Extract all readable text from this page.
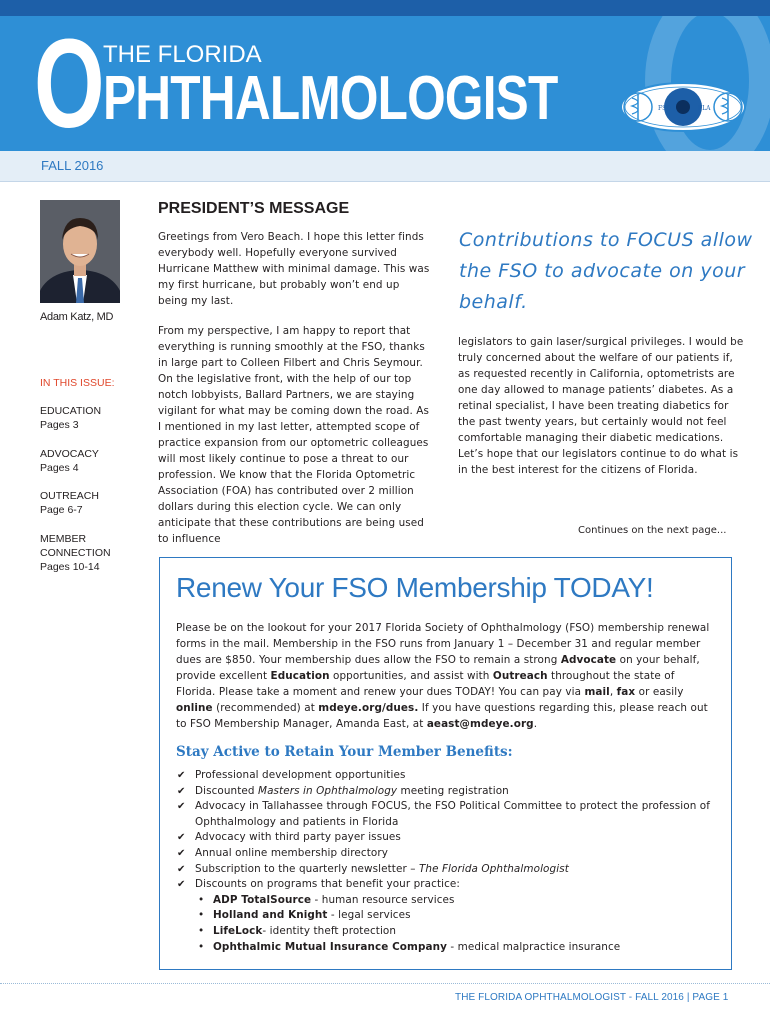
O
THE FLORIDA
PHTHALMOLOGIST	FSO	FLA
FALL 2016
Adam Katz, MD
IN THIS ISSUE:
EDUCATION
Pages 3
ADVOCACY
Pages 4
OUTREACH
Page 6-7
MEMBER
CONNECTION
Pages 10-14
PRESIDENT’S MESSAGE
Greetings from Vero Beach. I hope this letter finds everybody well. Hopefully everyone survived Hurricane Matthew with minimal damage. This was my first hurricane, but probably won’t end up being my last.
From my perspective, I am happy to report that everything is running smoothly at the FSO, thanks in large part to Colleen Filbert and Chris Seymour. On the legislative front, with the help of our top notch lobbyists, Ballard Partners, we are staying vigilant for what may be coming down the road. As I mentioned in my last letter, attempted scope of practice expansion from our optometric colleagues will most likely continue to pose a threat to our profession. We know that the Florida Optometric Association (FOA) has contributed over 2 million dollars during this election cycle. We can only anticipate that these contributions are being used to influence
Contributions to FOCUS allow the FSO to advocate on your behalf.
legislators to gain laser/surgical privileges. I would be truly concerned about the welfare of our patients if, as requested recently in California, optometrists are one day allowed to manage patients’ diabetes. As a retinal specialist, I have been treating diabetics for the past twenty years, but certainly would not feel comfortable managing their diabetic medications. Let’s hope that our legislators continue to do what is in the best interest for the citizens of Florida.
Continues on the next page...
Renew Your FSO Membership TODAY!
Please be on the lookout for your 2017 Florida Society of Ophthalmology (FSO) membership renewal forms in the mail. Membership in the FSO runs from January 1 – December 31 and regular member dues are $850. Your membership dues allow the FSO to remain a strong Advocate on your behalf, provide excellent Education opportunities, and assist with Outreach throughout the state of Florida. Please take a moment and renew your dues TODAY! You can pay via mail, fax or easily online (recommended) at mdeye.org/dues. If you have questions regarding this, please reach out to FSO Membership Manager, Amanda East, at aeast@mdeye.org.
Stay Active to Retain Your Member Benefits:
✔ Professional development opportunities
✔ Discounted Masters in Ophthalmology meeting registration
✔ Advocacy in Tallahassee through FOCUS, the FSO Political Committee to protect the profession of Ophthalmology and patients in Florida
✔ Advocacy with third party payer issues
✔ Annual online membership directory
✔ Subscription to the quarterly newsletter – The Florida Ophthalmologist
✔ Discounts on programs that benefit your practice:
• ADP TotalSource - human resource services
• Holland and Knight - legal services
• LifeLock- identity theft protection
• Ophthalmic Mutual Insurance Company - medical malpractice insurance
THE FLORIDA OPHTHALMOLOGIST - FALL 2016 | PAGE 1
